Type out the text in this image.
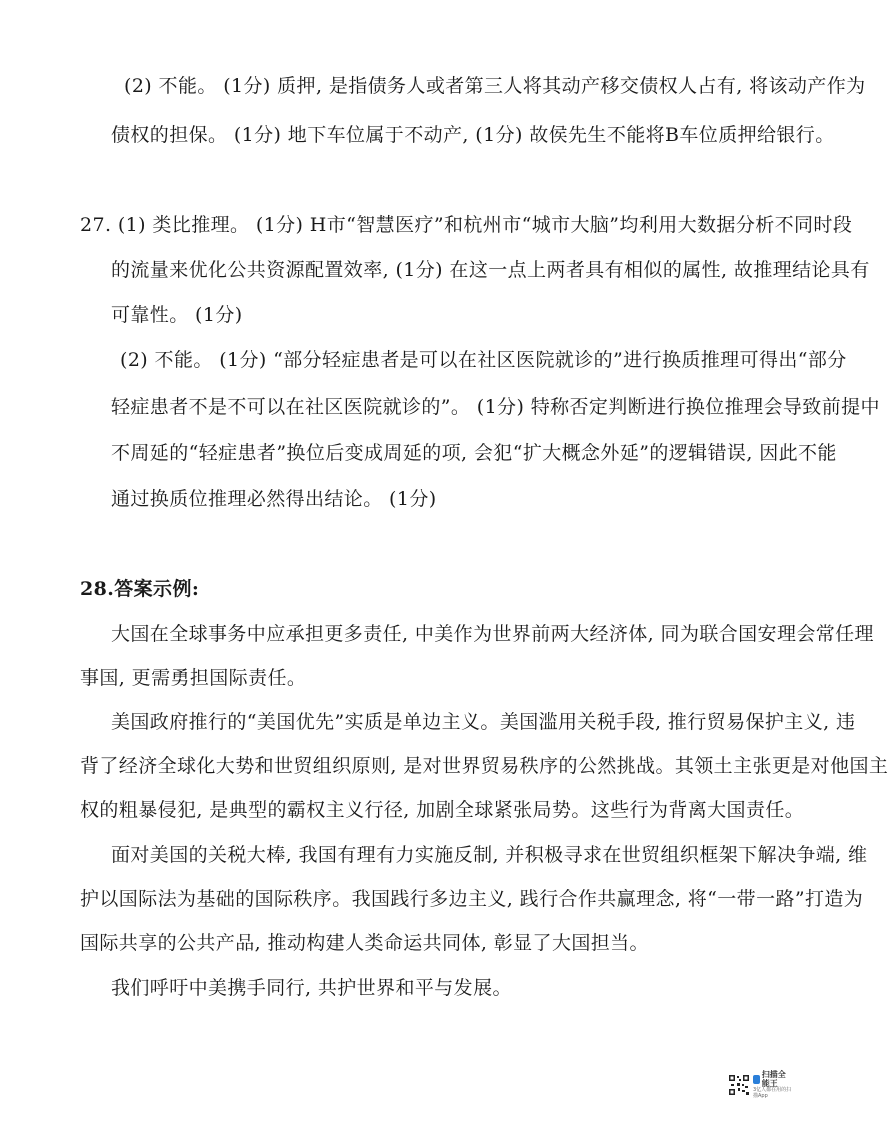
(2) 不能。 (1分) 质押, 是指债务人或者第三人将其动产移交债权人占有, 将该动产作为
债权的担保。 (1分) 地下车位属于不动产, (1分) 故侯先生不能将B车位质押给银行。
27. (1) 类比推理。 (1分) H市“智慧医疗”和杭州市“城市大脑”均利用大数据分析不同时段
的流量来优化公共资源配置效率, (1分) 在这一点上两者具有相似的属性, 故推理结论具有
可靠性。 (1分)
(2) 不能。 (1分) “部分轻症患者是可以在社区医院就诊的”进行换质推理可得出“部分
轻症患者不是不可以在社区医院就诊的”。 (1分) 特称否定判断进行换位推理会导致前提中
不周延的“轻症患者”换位后变成周延的项, 会犯“扩大概念外延”的逻辑错误, 因此不能
通过换质位推理必然得出结论。 (1分)
28.答案示例:
大国在全球事务中应承担更多责任, 中美作为世界前两大经济体, 同为联合国安理会常任理
事国, 更需勇担国际责任。
美国政府推行的“美国优先”实质是单边主义。美国滥用关税手段, 推行贸易保护主义, 违
背了经济全球化大势和世贸组织原则, 是对世界贸易秩序的公然挑战。其领土主张更是对他国主
权的粗暴侵犯, 是典型的霸权主义行径, 加剧全球紧张局势。这些行为背离大国责任。
面对美国的关税大棒, 我国有理有力实施反制, 并积极寻求在世贸组织框架下解决争端, 维
护以国际法为基础的国际秩序。我国践行多边主义, 践行合作共赢理念, 将“一带一路”打造为
国际共享的公共产品, 推动构建人类命运共同体, 彰显了大国担当。
我们呼吁中美携手同行, 共护世界和平与发展。
扫描全能王
3亿人都在用的扫描App
